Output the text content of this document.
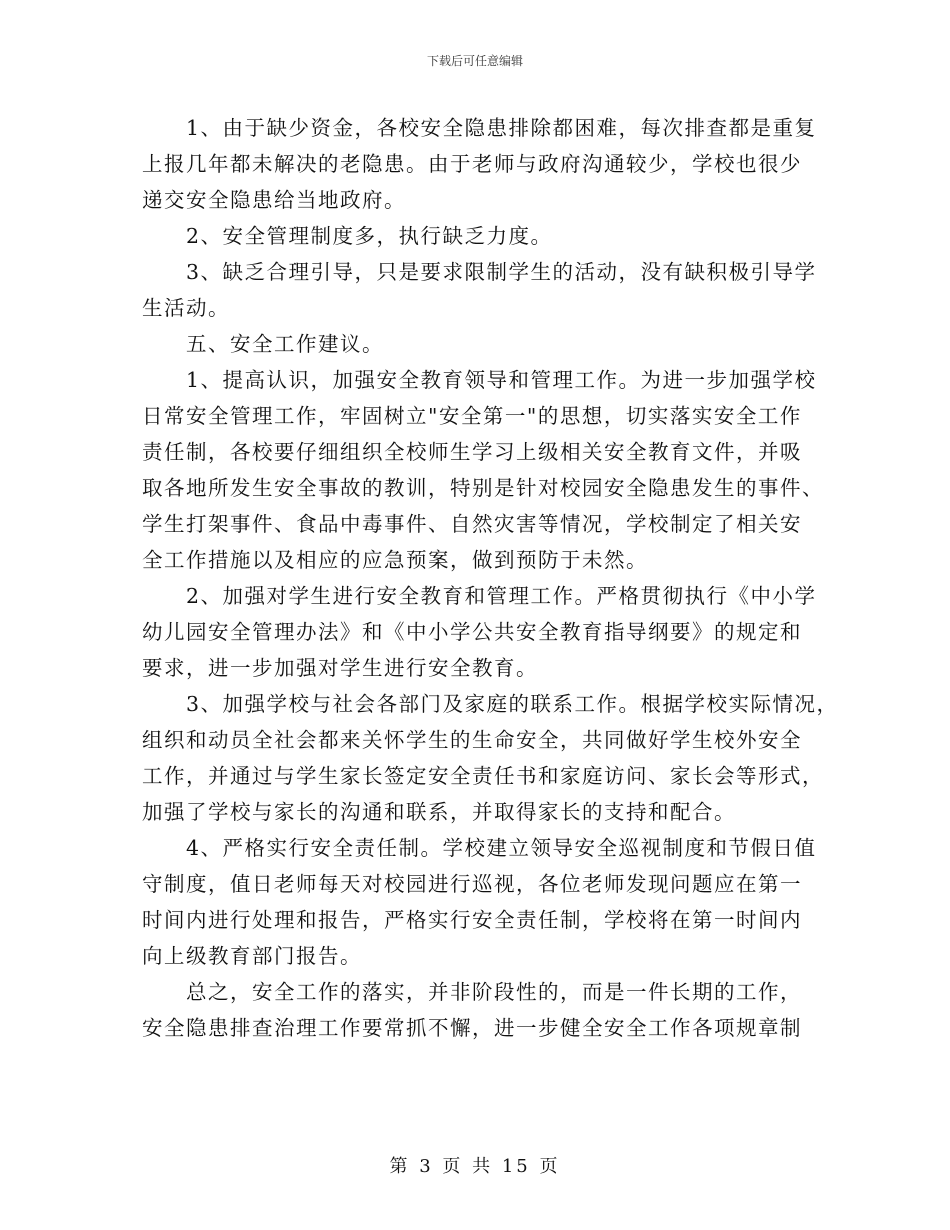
下载后可任意编辑
　　1、由于缺少资金，各校安全隐患排除都困难，每次排查都是重复
上报几年都未解决的老隐患。由于老师与政府沟通较少，学校也很少
递交安全隐患给当地政府。
　　2、安全管理制度多，执行缺乏力度。
　　3、缺乏合理引导，只是要求限制学生的活动，没有缺积极引导学
生活动。
　　五、安全工作建议。
　　1、提高认识，加强安全教育领导和管理工作。为进一步加强学校
日常安全管理工作，牢固树立"安全第一"的思想，切实落实安全工作
责任制，各校要仔细组织全校师生学习上级相关安全教育文件，并吸
取各地所发生安全事故的教训，特别是针对校园安全隐患发生的事件、
学生打架事件、食品中毒事件、自然灾害等情况，学校制定了相关安
全工作措施以及相应的应急预案，做到预防于未然。
　　2、加强对学生进行安全教育和管理工作。严格贯彻执行《中小学
幼儿园安全管理办法》和《中小学公共安全教育指导纲要》的规定和
要求，进一步加强对学生进行安全教育。
　　3、加强学校与社会各部门及家庭的联系工作。根据学校实际情况，
组织和动员全社会都来关怀学生的生命安全，共同做好学生校外安全
工作，并通过与学生家长签定安全责任书和家庭访问、家长会等形式，
加强了学校与家长的沟通和联系，并取得家长的支持和配合。
　　4、严格实行安全责任制。学校建立领导安全巡视制度和节假日值
守制度，值日老师每天对校园进行巡视，各位老师发现问题应在第一
时间内进行处理和报告，严格实行安全责任制，学校将在第一时间内
向上级教育部门报告。
　　总之，安全工作的落实，并非阶段性的，而是一件长期的工作，
安全隐患排查治理工作要常抓不懈，进一步健全安全工作各项规章制
第 3 页 共 15 页
